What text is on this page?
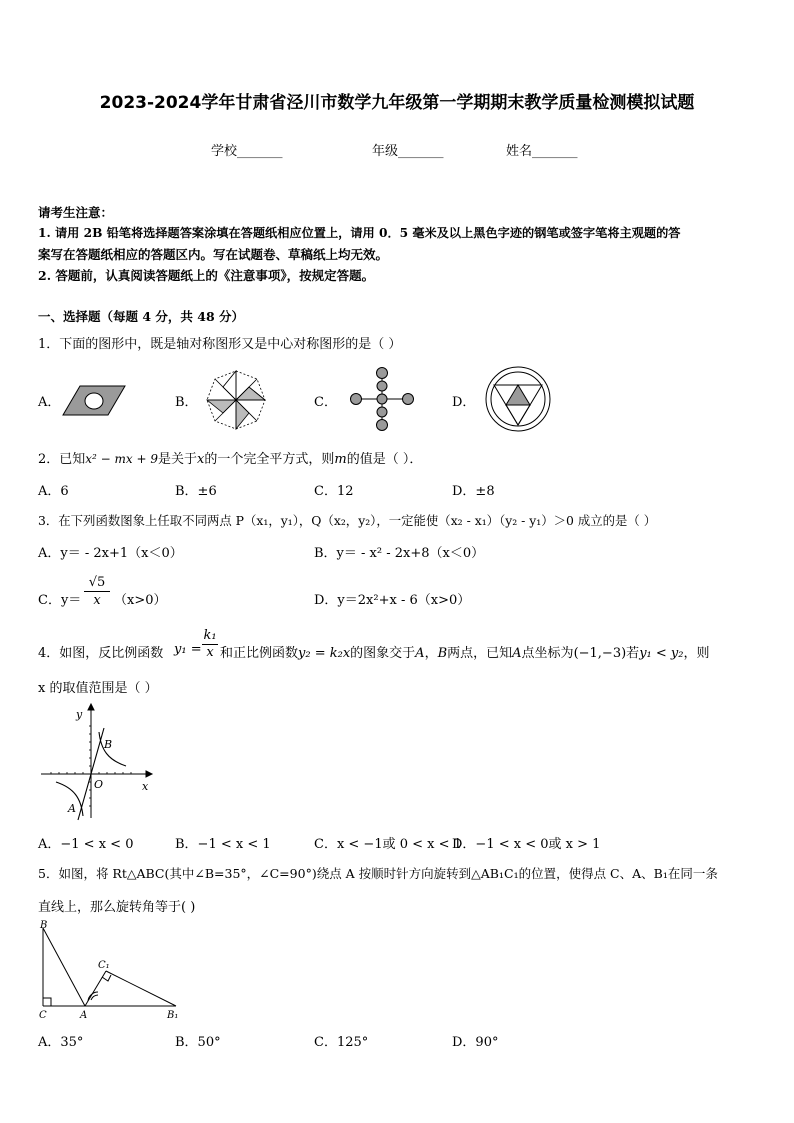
2023-2024学年甘肃省泾川市数学九年级第一学期期末教学质量检测模拟试题
学校_______	年级_______	姓名_______
请考生注意：
1. 请用 2B 铅笔将选择题答案涂填在答题纸相应位置上，请用 0．5 毫米及以上黑色字迹的钢笔或签字笔将主观题的答
案写在答题纸相应的答题区内。写在试题卷、草稿纸上均无效。
2. 答题前，认真阅读答题纸上的《注意事项》，按规定答题。
一、选择题（每题 4 分，共 48 分）
1．下面的图形中，既是轴对称图形又是中心对称图形的是（ ）
A．	B．	C．	D．
2．已知x² − mx + 9是关于x的一个完全平方式，则m的值是（ ）．
A．6	B．±6	C．12	D．±8
3．在下列函数图象上任取不同两点 P（x₁，y₁），Q（x₂，y₂），一定能使（x₂ - x₁）（y₂ - y₁）＞0 成立的是（ ）
A．y＝ - 2x+1（x＜0）	B．y＝ - x² - 2x+8（x＜0）
C．$y= \frac{√5}{x} (x>0)$	D．y＝2x²+x - 6（x>0）
4．如图，反比例函数 $y_1 = \frac{\text{k₁}}{x}$ 和正比例函数y₂ = k₂x的图象交于A，B两点，已知A点坐标为(−1,−3)若y₁ < y₂，则
x 的取值范围是（ ）
y
x
O
B
A
A．−1 < x < 0	B．−1 < x < 1	C．x < −1或 0 < x < 1
D．−1 < x < 0或 x > 1
5．如图，将 Rt△ABC(其中∠B=35°，∠C=90°)绕点 A 按顺时针方向旋转到△AB₁C₁的位置，使得点 C、A、B₁在同一条
直线上，那么旋转角等于( )
B
C	A	B₁
C₁
A．35°	B．50°	C．125°	D．90°
